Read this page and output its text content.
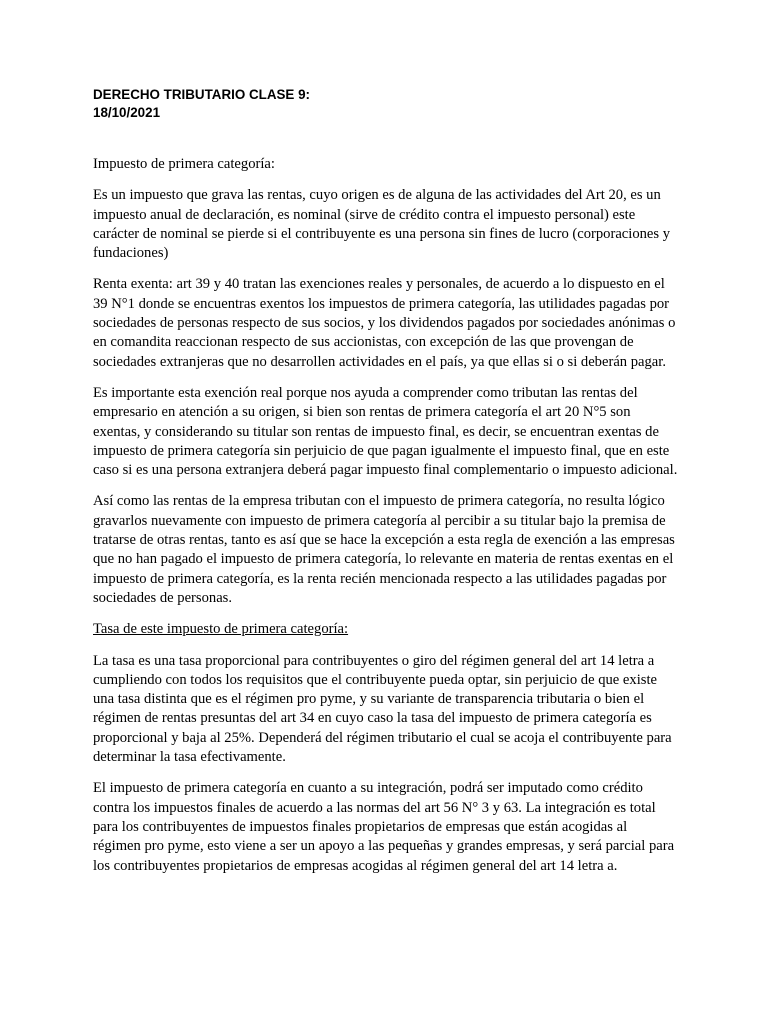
DERECHO TRIBUTARIO CLASE 9:
18/10/2021

Impuesto de primera categoría:

Es un impuesto que grava las rentas, cuyo origen es de alguna de las actividades del Art 20, es un impuesto anual de declaración, es nominal (sirve de crédito contra el impuesto personal) este carácter de nominal se pierde si el contribuyente es una persona sin fines de lucro (corporaciones y fundaciones)

Renta exenta: art 39 y 40 tratan las exenciones reales y personales, de acuerdo a lo dispuesto en el 39 N°1 donde se encuentras exentos los impuestos de primera categoría, las utilidades pagadas por sociedades de personas respecto de sus socios, y los dividendos pagados por sociedades anónimas o en comandita reaccionan respecto de sus accionistas, con excepción de las que provengan de sociedades extranjeras que no desarrollen actividades en el país, ya que ellas si o si deberán pagar.

Es importante esta exención real porque nos ayuda a comprender como tributan las rentas del empresario en atención a su origen, si bien son rentas de primera categoría el art 20 N°5 son exentas, y considerando su titular son rentas de impuesto final, es decir, se encuentran exentas de impuesto de primera categoría sin perjuicio de que pagan igualmente el impuesto final, que en este caso si es una persona extranjera deberá pagar impuesto final complementario o impuesto adicional.

Así como las rentas de la empresa tributan con el impuesto de primera categoría, no resulta lógico gravarlos nuevamente con impuesto de primera categoría al percibir a su titular bajo la premisa de tratarse de otras rentas, tanto es así que se hace la excepción a esta regla de exención a las empresas que no han pagado el impuesto de primera categoría, lo relevante en materia de rentas exentas en el impuesto de primera categoría, es la renta recién mencionada respecto a las utilidades pagadas por sociedades de personas.

Tasa de este impuesto de primera categoría:

La tasa es una tasa proporcional para contribuyentes o giro del régimen general del art 14 letra a cumpliendo con todos los requisitos que el contribuyente pueda optar, sin perjuicio de que existe una tasa distinta que es el régimen pro pyme, y su variante de transparencia tributaria o bien el régimen de rentas presuntas del art 34 en cuyo caso la tasa del impuesto de primera categoría es proporcional y baja al 25%. Dependerá del régimen tributario el cual se acoja el contribuyente para determinar la tasa efectivamente.

El impuesto de primera categoría en cuanto a su integración, podrá ser imputado como crédito contra los impuestos finales de acuerdo a las normas del art 56 N° 3 y 63. La integración es total para los contribuyentes de impuestos finales propietarios de empresas que están acogidas al régimen pro pyme, esto viene a ser un apoyo a las pequeñas y grandes empresas, y será parcial para los contribuyentes propietarios de empresas acogidas al régimen general del art 14 letra a.
